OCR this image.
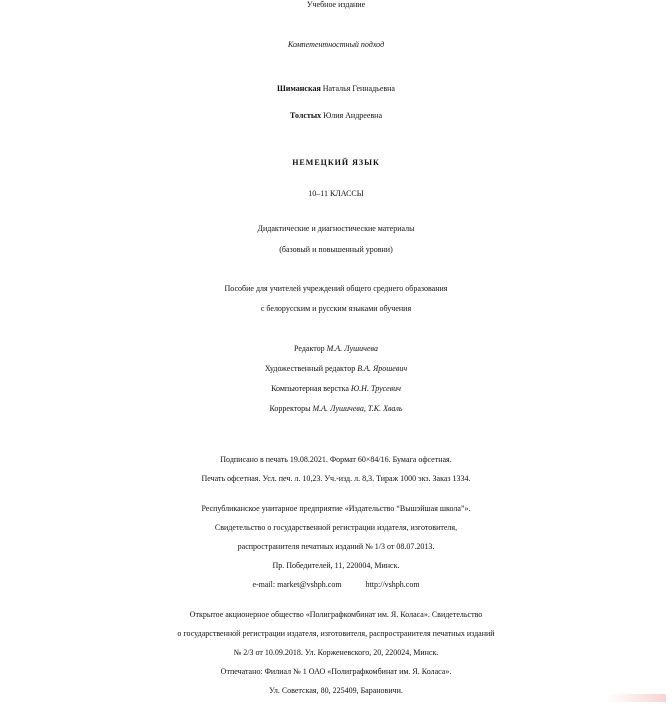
Учебное издание
Компетентностный подход
Шиманская Наталья Геннадьевна
Толстых Юлия Андреевна
НЕМЕЦКИЙ ЯЗЫК
10–11 КЛАССЫ
Дидактические и диагностические материалы
(базовый и повышенный уровни)
Пособие для учителей учреждений общего среднего образования
с белорусским и русским языками обучения
Редактор М.А. Лушичева
Художественный редактор В.А. Ярошевич
Компьютерная верстка Ю.Н. Трусевич
Корректоры М.А. Лушичева, Т.К. Хваль
Подписано в печать 19.08.2021. Формат 60×84/16. Бумага офсетная.
Печать офсетная. Усл. печ. л. 10,23. Уч.-изд. л. 8,3. Тираж 1000 экз. Заказ 1334.
Республиканское унитарное предприятие «Издательство “Вышэйшая школа”».
Свидетельство о государственной регистрации издателя, изготовителя,
распространителя печатных изданий № 1/3 от 08.07.2013.
Пр. Победителей, 11, 220004, Минск.
e-mail: market@vshph.com	http://vshph.com
Открытое акционерное общество «Полиграфкомбинат им. Я. Коласа». Свидетельство
о государственной регистрации издателя, изготовителя, распространителя печатных изданий
№ 2/3 от 10.09.2018. Ул. Корженевского, 20, 220024, Минск.
Отпечатано: Филиал № 1 ОАО «Полиграфкомбинат им. Я. Коласа».
Ул. Советская, 80, 225409, Барановичи.
